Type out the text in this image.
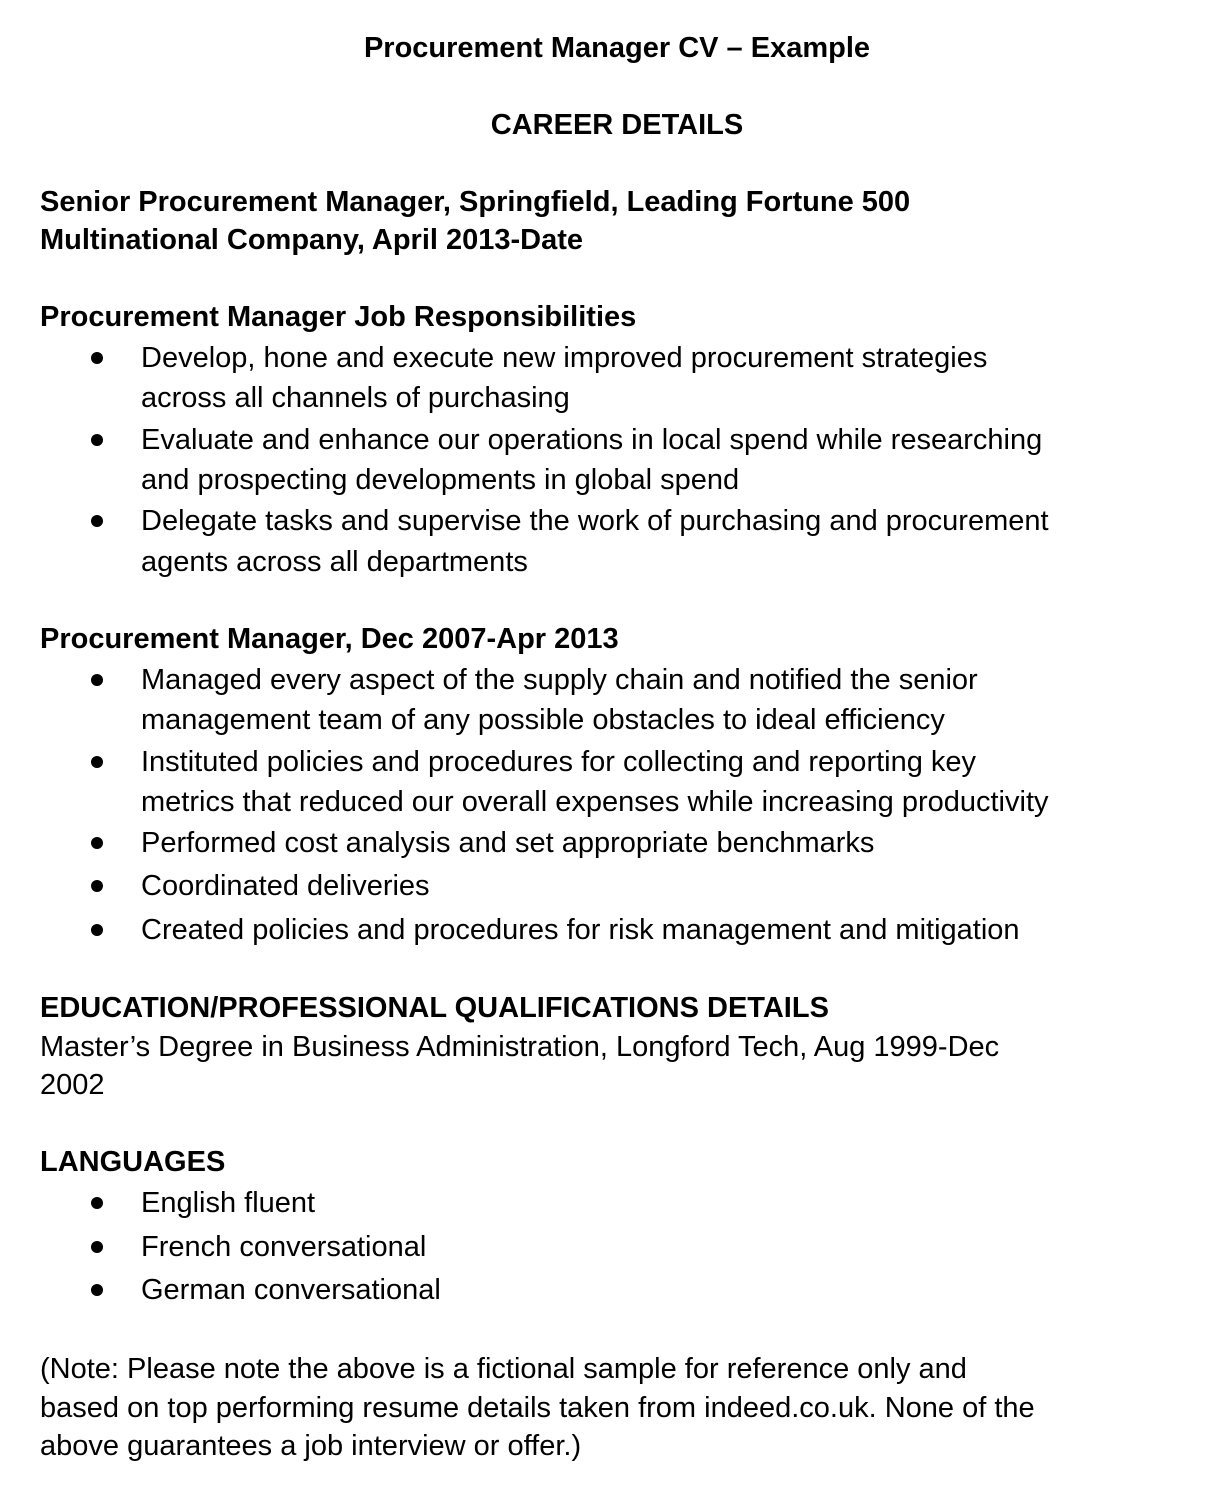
Procurement Manager CV – Example
CAREER DETAILS
Senior Procurement Manager, Springfield, Leading Fortune 500
Multinational Company, April 2013-Date
Procurement Manager Job Responsibilities
Develop, hone and execute new improved procurement strategies
across all channels of purchasing
Evaluate and enhance our operations in local spend while researching
and prospecting developments in global spend
Delegate tasks and supervise the work of purchasing and procurement
agents across all departments
Procurement Manager, Dec 2007-Apr 2013
Managed every aspect of the supply chain and notified the senior
management team of any possible obstacles to ideal efficiency
Instituted policies and procedures for collecting and reporting key
metrics that reduced our overall expenses while increasing productivity
Performed cost analysis and set appropriate benchmarks
Coordinated deliveries
Created policies and procedures for risk management and mitigation
EDUCATION/PROFESSIONAL QUALIFICATIONS DETAILS
Master’s Degree in Business Administration, Longford Tech, Aug 1999-Dec
2002
LANGUAGES
English fluent
French conversational
German conversational
(Note: Please note the above is a fictional sample for reference only and
based on top performing resume details taken from indeed.co.uk. None of the
above guarantees a job interview or offer.)
